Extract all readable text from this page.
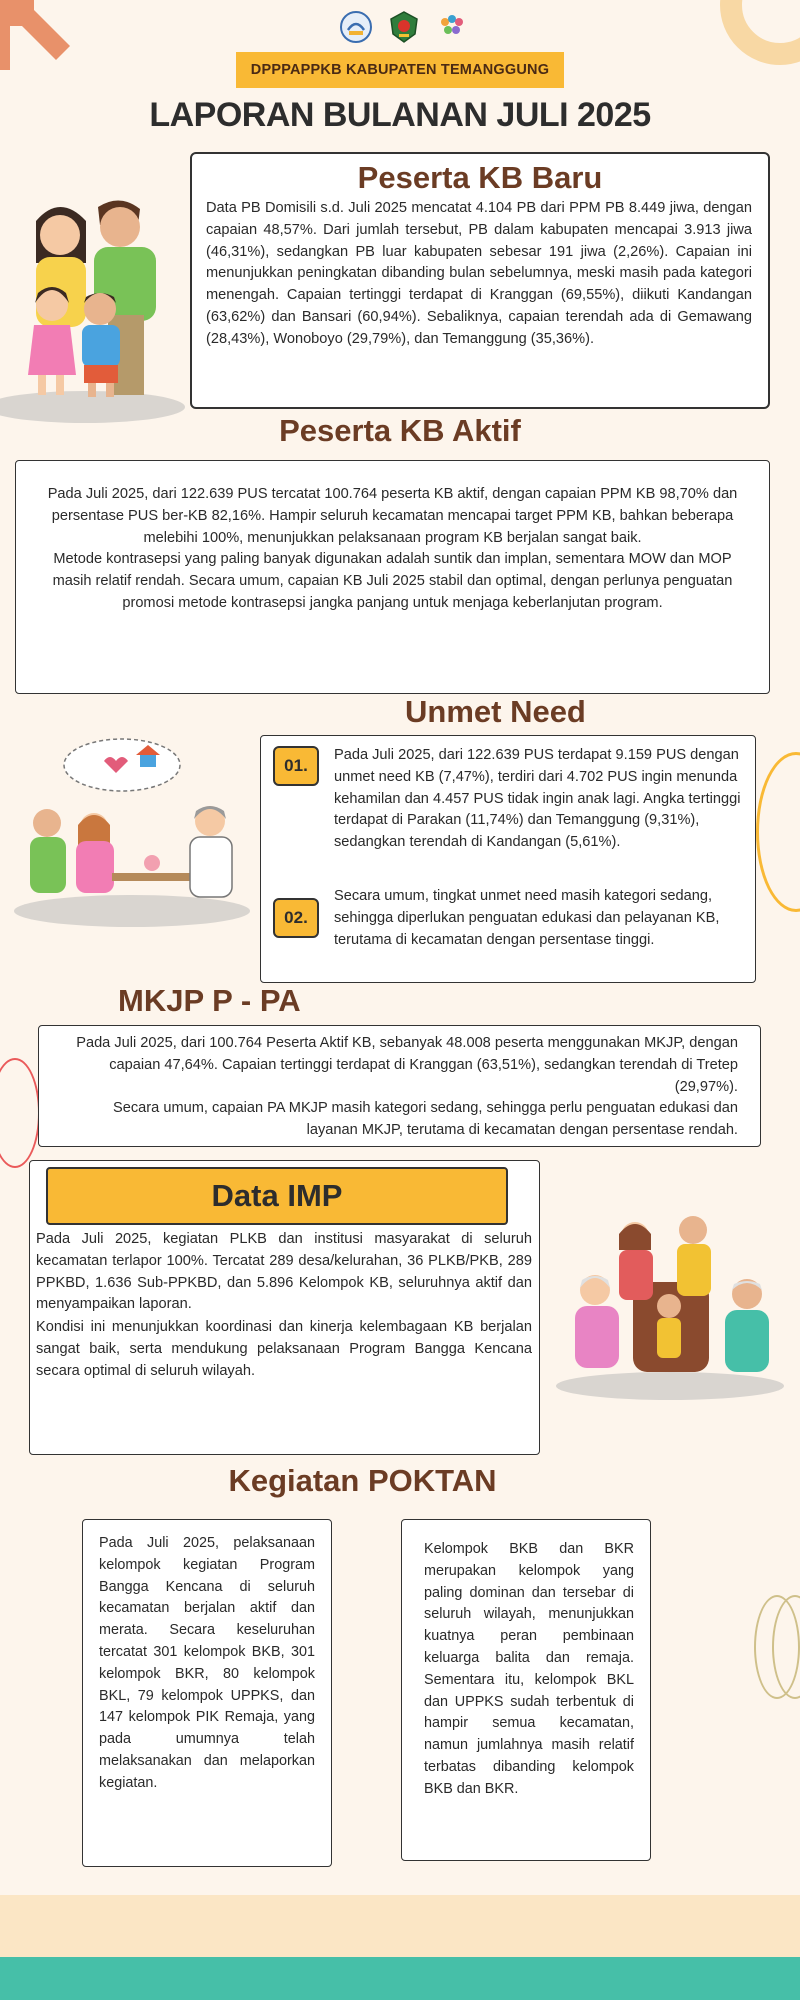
DPPPAPPKB KABUPATEN TEMANGGUNG
LAPORAN BULANAN JULI 2025
Peserta KB Baru
Data PB Domisili s.d. Juli 2025 mencatat 4.104 PB dari PPM PB 8.449 jiwa, dengan capaian 48,57%. Dari jumlah tersebut, PB dalam kabupaten mencapai 3.913 jiwa (46,31%), sedangkan PB luar kabupaten sebesar 191 jiwa (2,26%). Capaian ini menunjukkan peningkatan dibanding bulan sebelumnya, meski masih pada kategori menengah. Capaian tertinggi terdapat di Kranggan (69,55%), diikuti Kandangan (63,62%) dan Bansari (60,94%). Sebaliknya, capaian terendah ada di Gemawang (28,43%), Wonoboyo (29,79%), dan Temanggung (35,36%).
Peserta KB Aktif
Pada Juli 2025, dari 122.639 PUS tercatat 100.764 peserta KB aktif, dengan capaian PPM KB 98,70% dan persentase PUS ber-KB 82,16%. Hampir seluruh kecamatan mencapai target PPM KB, bahkan beberapa melebihi 100%, menunjukkan pelaksanaan program KB berjalan sangat baik.
Metode kontrasepsi yang paling banyak digunakan adalah suntik dan implan, sementara MOW dan MOP masih relatif rendah. Secara umum, capaian KB Juli 2025 stabil dan optimal, dengan perlunya penguatan promosi metode kontrasepsi jangka panjang untuk menjaga keberlanjutan program.
Unmet Need
01.
Pada Juli 2025, dari 122.639 PUS terdapat 9.159 PUS dengan unmet need KB (7,47%), terdiri dari 4.702 PUS ingin menunda kehamilan dan 4.457 PUS tidak ingin anak lagi. Angka tertinggi terdapat di Parakan (11,74%) dan Temanggung (9,31%), sedangkan terendah di Kandangan (5,61%).
02.
Secara umum, tingkat unmet need masih kategori sedang, sehingga diperlukan penguatan edukasi dan pelayanan KB, terutama di kecamatan dengan persentase tinggi.
MKJP P - PA
Pada Juli 2025, dari 100.764 Peserta Aktif KB, sebanyak 48.008 peserta menggunakan MKJP, dengan capaian 47,64%. Capaian tertinggi terdapat di Kranggan (63,51%), sedangkan terendah di Tretep (29,97%).
Secara umum, capaian PA MKJP masih kategori sedang, sehingga perlu penguatan edukasi dan layanan MKJP, terutama di kecamatan dengan persentase rendah.
Pada Juli 2025, kegiatan PLKB dan institusi masyarakat di seluruh kecamatan terlapor 100%. Tercatat 289 desa/kelurahan, 36 PLKB/PKB, 289 PPKBD, 1.636 Sub-PPKBD, dan 5.896 Kelompok KB, seluruhnya aktif dan menyampaikan laporan.
Kondisi ini menunjukkan koordinasi dan kinerja kelembagaan KB berjalan sangat baik, serta mendukung pelaksanaan Program Bangga Kencana secara optimal di seluruh wilayah.
Data IMP
Kegiatan POKTAN
Pada Juli 2025, pelaksanaan kelompok kegiatan Program Bangga Kencana di seluruh kecamatan berjalan aktif dan merata. Secara keseluruhan tercatat 301 kelompok BKB, 301 kelompok BKR, 80 kelompok BKL, 79 kelompok UPPKS, dan 147 kelompok PIK Remaja, yang pada umumnya telah melaksanakan dan melaporkan kegiatan.
Kelompok BKB dan BKR merupakan kelompok yang paling dominan dan tersebar di seluruh wilayah, menunjukkan kuatnya peran pembinaan keluarga balita dan remaja. Sementara itu, kelompok BKL dan UPPKS sudah terbentuk di hampir semua kecamatan, namun jumlahnya masih relatif terbatas dibanding kelompok BKB dan BKR.
